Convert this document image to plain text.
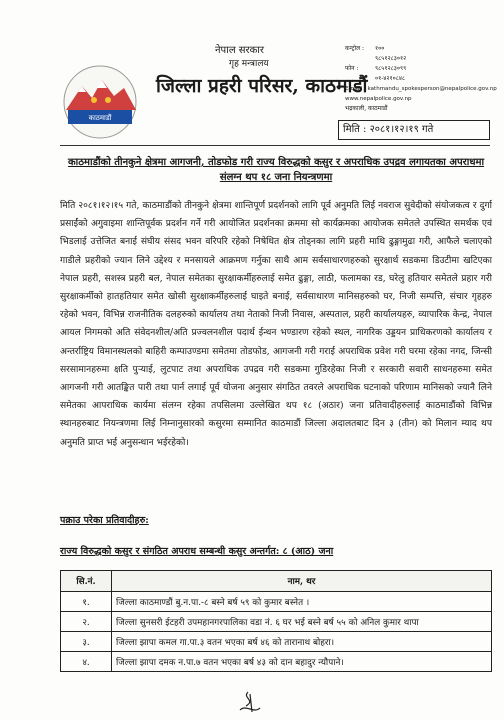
काठमाडौं
नेपाल सरकार
गृह मन्त्रालय
जिल्ला प्रहरी परिसर, काठमाडौं
कन्ट्रोल :	१००
९८५१२८३०१२
फोन :	९८५१२८३०९९
०१-४२१०८४८
E-mail : kathmandu_spokesperson@nepalpolice.gov.np
www.nepalpolice.gov.np
भद्रकाली, काठमाडौं
मिति : २०८१।१२।१९ गते
काठमाडौंको तीनकुने क्षेत्रमा आगजनी, तोडफोड गरी राज्य विरुद्धको कसुर र अपराधिक उपद्रव लगायतका अपराधमा संलग्न थप १८ जना नियन्त्रणमा
मिति २०८१।१२।१५ गते, काठमाडौंको तीनकुने क्षेत्रमा शान्तिपूर्ण प्रदर्शनको लागि पूर्व अनुमति लिई नवराज सुवेदीको संयोजकत्व र दुर्गा प्रसाईंको अगुवाइमा शान्तिपूर्वक प्रदर्शन गर्ने गरी आयोजित प्रदर्शनका क्रममा सो कार्यक्रमका आयोजक समेतले उपस्थित समर्थक एवं भिडलाई उत्तेजित बनाई संघीय संसद भवन वरिपरि रहेको निषेधित क्षेत्र तोड्नका लागि प्रहरी माथि ढुङ्गामुढा गरी, आफैले चलाएको गाडीले प्रहरीको ज्यान लिने उद्देश्य र मनसायले आक्रमण गर्नुका साथै आम सर्वसाधारणहरुको सुरक्षार्थ सडकमा डिउटीमा खटिएका नेपाल प्रहरी, सशस्त्र प्रहरी बल, नेपाल समेतका सुरक्षाकर्मीहरुलाई समेत ढुङ्गा, लाठी, फलामका रड, घरेलु हतियार समेतले प्रहार गरी सुरक्षाकर्मीको हातहतियार समेत खोसी सुरक्षाकर्मीहरुलाई घाइते बनाई, सर्वसाधारण मानिसहरुको घर, निजी सम्पत्ति, संचार गृहहरु रहेको भवन, विभिन्न राजनीतिक दलहरुको कार्यालय तथा नेताको निजी निवास, अस्पताल, प्रहरी कार्यालयहरु, व्यापारिक केन्द्र, नेपाल आयल निगमको अति संवेदनशील/अति प्रज्वलनशील पदार्थ ईन्धन भण्डारण रहेको स्थल, नागरिक उड्डयन प्राधिकरणको कार्यालय र अन्तर्राष्ट्रिय विमानस्थलको बाहिरी कम्पाउण्डमा समेतमा तोडफोड, आगजनी गरी गराई अपराधिक प्रवेश गरी घरमा रहेका नगद, जिन्सी सरसामानहरुमा क्षति पुऱ्याई, लुटपाट तथा अपराधिक उपद्रव गरी सडकमा गुडिरहेका निजी र सरकारी सवारी साधनहरुमा समेत आगजनी गरी आतङ्कित पारी तथा पार्न लगाई पूर्व योजना अनुसार संगठित तवरले अपराधिक घटनाको परिणाम मानिसको ज्यानै लिने समेतका आपराधिक कार्यमा संलग्न रहेका तपसिलमा उल्लेखित थप १८ (अठार) जना प्रतिवादीहरुलाई काठमाडौंको विभिन्न स्थानहरुबाट नियन्त्रणमा लिई निम्नानुसारको कसुरमा सम्मानित काठमाडौं जिल्ला अदालतबाट दिन ३ (तीन) को मिलान म्याद थप अनुमति प्राप्त भई अनुसन्धान भईरहेको।
पक्राउ परेका प्रतिवादीहरु:
राज्य विरुद्धको कसुर र संगठित अपराध सम्बन्धी कसुर अन्तर्गत: ८ (आठ) जना
सि.नं.	नाम, थर
१.	जिल्ला काठमाण्डौं बु.न.पा.-८ बस्ने बर्ष ५९ को कुमार बस्नेत ।
२.	जिल्ला सुनसरी ईटहरी उपमहानगरपालिका वडा नं. ६ घर भई बस्ने बर्ष ५५ को अनिल कुमार थापा
३.	जिल्ला झापा कमल गा.पा.३ वतन भएका बर्ष ४६ को तारानाथ बोहरा।
४.	जिल्ला झापा दमक न.पा.७ वतन भएका बर्ष ४३ को दान बहादुर न्यौपाने।
